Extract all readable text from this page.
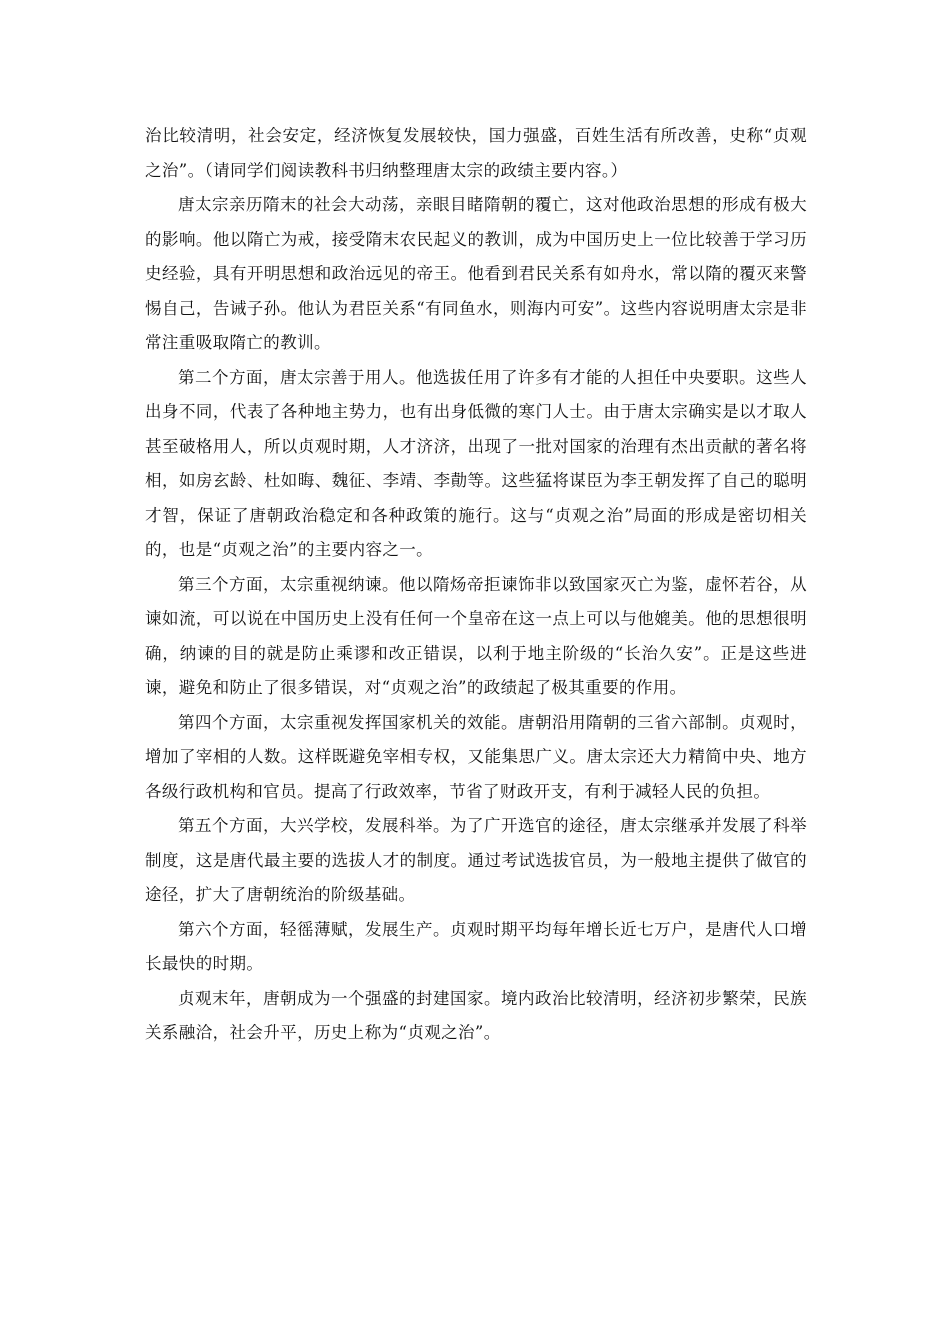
治比较清明，社会安定，经济恢复发展较快，国力强盛，百姓生活有所改善，史称“贞观之治”。（请同学们阅读教科书归纳整理唐太宗的政绩主要内容。）

唐太宗亲历隋末的社会大动荡，亲眼目睹隋朝的覆亡，这对他政治思想的形成有极大的影响。他以隋亡为戒，接受隋末农民起义的教训，成为中国历史上一位比较善于学习历史经验，具有开明思想和政治远见的帝王。他看到君民关系有如舟水，常以隋的覆灭来警惕自己，告诫子孙。他认为君臣关系“有同鱼水，则海内可安”。这些内容说明唐太宗是非常注重吸取隋亡的教训。

第二个方面，唐太宗善于用人。他选拔任用了许多有才能的人担任中央要职。这些人出身不同，代表了各种地主势力，也有出身低微的寒门人士。由于唐太宗确实是以才取人甚至破格用人，所以贞观时期，人才济济，出现了一批对国家的治理有杰出贡献的著名将相，如房玄龄、杜如晦、魏征、李靖、李勣等。这些猛将谋臣为李王朝发挥了自己的聪明才智，保证了唐朝政治稳定和各种政策的施行。这与“贞观之治”局面的形成是密切相关的，也是“贞观之治”的主要内容之一。

第三个方面，太宗重视纳谏。他以隋炀帝拒谏饰非以致国家灭亡为鉴，虚怀若谷，从谏如流，可以说在中国历史上没有任何一个皇帝在这一点上可以与他媲美。他的思想很明确，纳谏的目的就是防止乘谬和改正错误，以利于地主阶级的“长治久安”。正是这些进谏，避免和防止了很多错误，对“贞观之治”的政绩起了极其重要的作用。

第四个方面，太宗重视发挥国家机关的效能。唐朝沿用隋朝的三省六部制。贞观时，增加了宰相的人数。这样既避免宰相专权，又能集思广义。唐太宗还大力精简中央、地方各级行政机构和官员。提高了行政效率，节省了财政开支，有利于减轻人民的负担。

第五个方面，大兴学校，发展科举。为了广开选官的途径，唐太宗继承并发展了科举制度，这是唐代最主要的选拔人才的制度。通过考试选拔官员，为一般地主提供了做官的途径，扩大了唐朝统治的阶级基础。

第六个方面，轻徭薄赋，发展生产。贞观时期平均每年增长近七万户，是唐代人口增长最快的时期。

贞观末年，唐朝成为一个强盛的封建国家。境内政治比较清明，经济初步繁荣，民族关系融洽，社会升平，历史上称为“贞观之治”。
